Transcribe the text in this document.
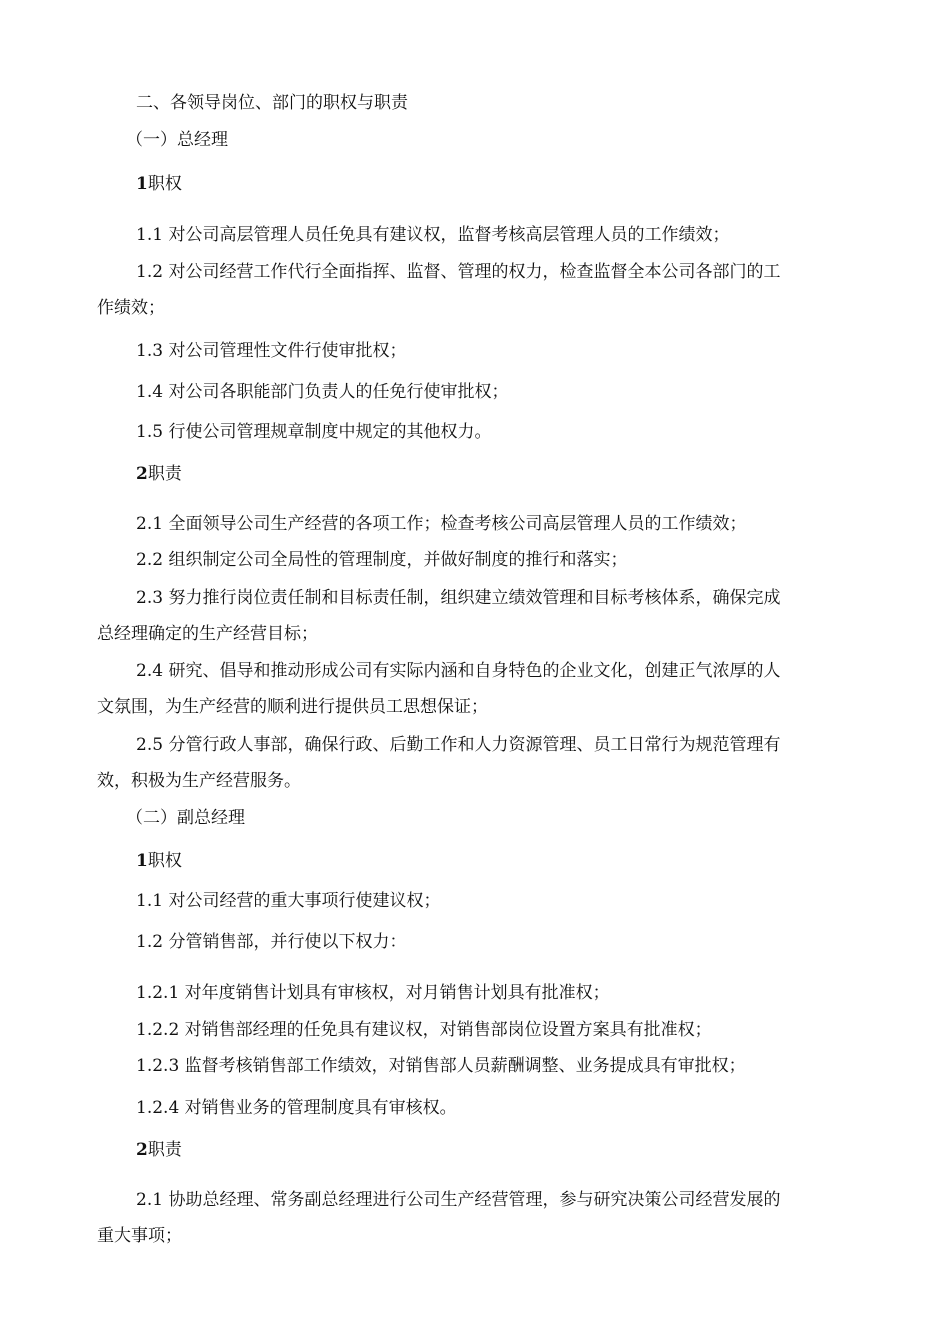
二、各领导岗位、部门的职权与职责
（一）总经理
1职权
1.1 对公司高层管理人员任免具有建议权，监督考核高层管理人员的工作绩效；
1.2 对公司经营工作代行全面指挥、监督、管理的权力，检查监督全本公司各部门的工
作绩效；
1.3 对公司管理性文件行使审批权；
1.4 对公司各职能部门负责人的任免行使审批权；
1.5 行使公司管理规章制度中规定的其他权力。
2职责
2.1 全面领导公司生产经营的各项工作；检查考核公司高层管理人员的工作绩效；
2.2 组织制定公司全局性的管理制度，并做好制度的推行和落实；
2.3 努力推行岗位责任制和目标责任制，组织建立绩效管理和目标考核体系，确保完成
总经理确定的生产经营目标；
2.4 研究、倡导和推动形成公司有实际内涵和自身特色的企业文化，创建正气浓厚的人
文氛围，为生产经营的顺利进行提供员工思想保证；
2.5 分管行政人事部，确保行政、后勤工作和人力资源管理、员工日常行为规范管理有
效，积极为生产经营服务。
（二）副总经理
1职权
1.1 对公司经营的重大事项行使建议权；
1.2 分管销售部，并行使以下权力：
1.2.1 对年度销售计划具有审核权，对月销售计划具有批准权；
1.2.2 对销售部经理的任免具有建议权，对销售部岗位设置方案具有批准权；
1.2.3 监督考核销售部工作绩效，对销售部人员薪酬调整、业务提成具有审批权；
1.2.4 对销售业务的管理制度具有审核权。
2职责
2.1 协助总经理、常务副总经理进行公司生产经营管理，参与研究决策公司经营发展的
重大事项；
